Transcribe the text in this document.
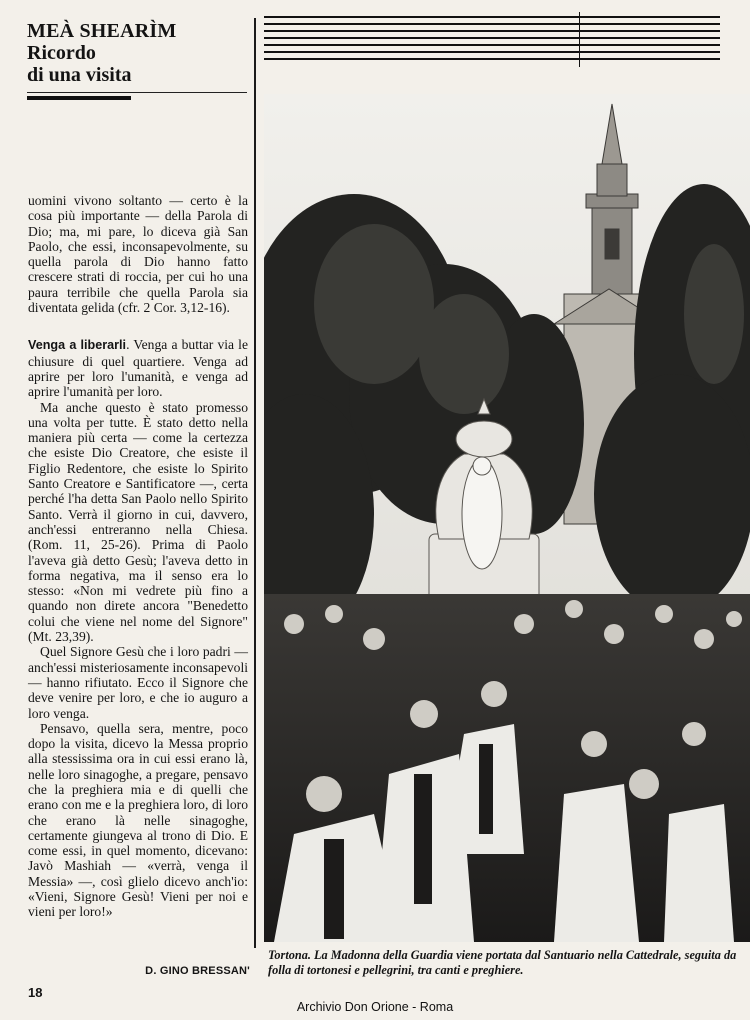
MEÀ SHEARÌM
Ricordo
di una visita

uomini vivono soltanto — certo è la cosa più importante — della Parola di Dio; ma, mi pare, lo diceva già San Paolo, che essi, inconsapevolmente, su quella parola di Dio hanno fatto crescere strati di roccia, per cui ho una paura terribile che quella Parola sia diventata gelida (cfr. 2 Cor. 3,12-16).

Venga a liberarli. Venga a buttar via le chiusure di quel quartiere. Venga ad aprire per loro l'umanità, e venga ad aprire l'umanità per loro.

Ma anche questo è stato promesso una volta per tutte. È stato detto nella maniera più certa — come la certezza che esiste Dio Creatore, che esiste il Figlio Redentore, che esiste lo Spirito Santo Creatore e Santificatore —, certa perché l'ha detta San Paolo nello Spirito Santo. Verrà il giorno in cui, davvero, anch'essi entreranno nella Chiesa. (Rom. 11, 25-26). Prima di Paolo l'aveva già detto Gesù; l'aveva detto in forma negativa, ma il senso era lo stesso: «Non mi vedrete più fino a quando non direte ancora "Benedetto colui che viene nel nome del Signore" (Mt. 23,39).

Quel Signore Gesù che i loro padri — anch'essi misteriosamente inconsapevoli — hanno rifiutato. Ecco il Signore che deve venire per loro, e che io auguro a loro venga.

Pensavo, quella sera, mentre, poco dopo la visita, dicevo la Messa proprio alla stessissima ora in cui essi erano là, nelle loro sinagoghe, a pregare, pensavo che la preghiera mia e di quelli che erano con me e la preghiera loro, di loro che erano là nelle sinagoghe, certamente giungeva al trono di Dio. E come essi, in quel momento, dicevano: Javò Mashiah — «verrà, venga il Messia» —, così glielo dicevo anch'io: «Vieni, Signore Gesù! Vieni per noi e vieni per loro!»

D. GINO BRESSAN'
18
Tortona. La Madonna della Guardia viene portata dal Santuario nella Cattedrale, seguita da folla di tortonesi e pellegrini, tra canti e preghiere.
Archivio Don Orione - Roma
